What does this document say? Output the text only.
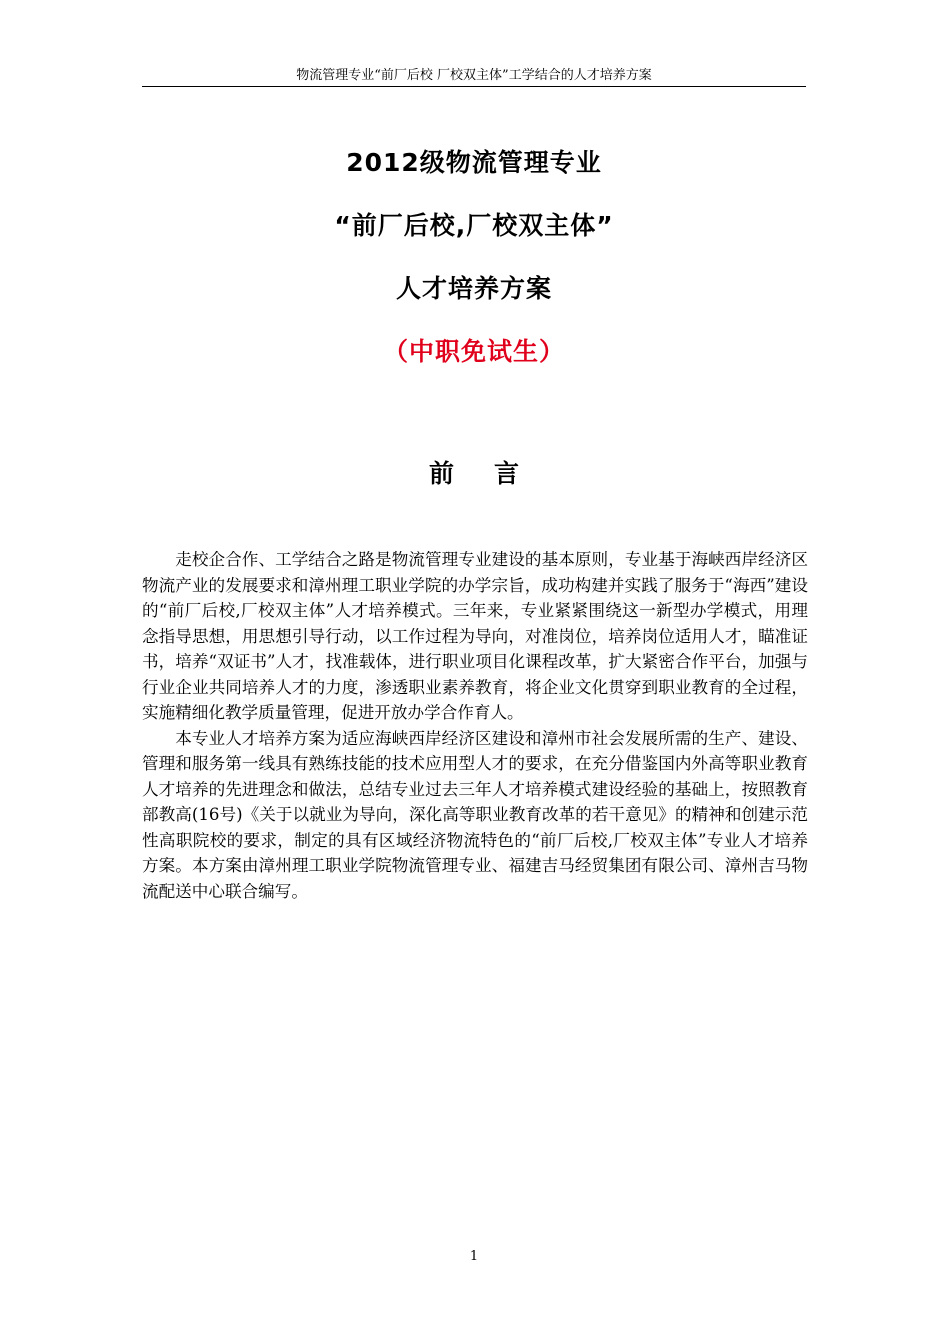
物流管理专业“前厂后校 厂校双主体”工学结合的人才培养方案
2012级物流管理专业
“前厂后校,厂校双主体”
人才培养方案
（中职免试生）
前 言

走校企合作、工学结合之路是物流管理专业建设的基本原则，专业基于海峡西岸经济区物流产业的发展要求和漳州理工职业学院的办学宗旨，成功构建并实践了服务于“海西”建设的“前厂后校,厂校双主体”人才培养模式。三年来，专业紧紧围绕这一新型办学模式，用理念指导思想，用思想引导行动，以工作过程为导向，对准岗位，培养岗位适用人才，瞄准证书，培养“双证书”人才，找准载体，进行职业项目化课程改革，扩大紧密合作平台，加强与行业企业共同培养人才的力度，渗透职业素养教育，将企业文化贯穿到职业教育的全过程，实施精细化教学质量管理，促进开放办学合作育人。

本专业人才培养方案为适应海峡西岸经济区建设和漳州市社会发展所需的生产、建设、管理和服务第一线具有熟练技能的技术应用型人才的要求，在充分借鉴国内外高等职业教育人才培养的先进理念和做法，总结专业过去三年人才培养模式建设经验的基础上，按照教育部教高(16号)《关于以就业为导向，深化高等职业教育改革的若干意见》的精神和创建示范性高职院校的要求，制定的具有区域经济物流特色的“前厂后校,厂校双主体”专业人才培养方案。本方案由漳州理工职业学院物流管理专业、福建吉马经贸集团有限公司、漳州吉马物流配送中心联合编写。

1
